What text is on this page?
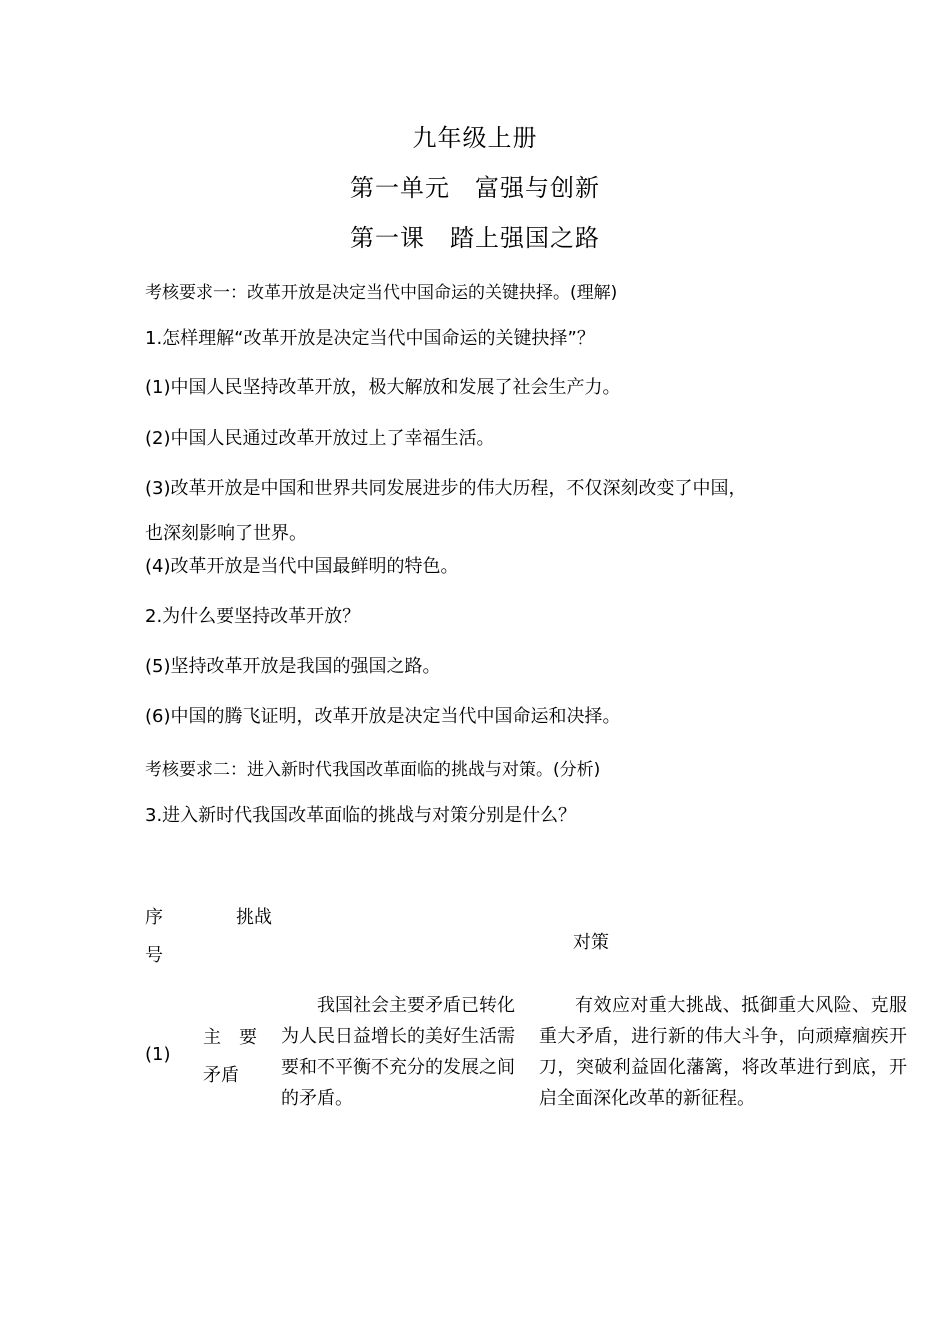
九年级上册
第一单元　富强与创新
第一课　踏上强国之路
考核要求一：改革开放是决定当代中国命运的关键抉择。(理解)
1.怎样理解“改革开放是决定当代中国命运的关键抉择”？
(1)中国人民坚持改革开放，极大解放和发展了社会生产力。
(2)中国人民通过改革开放过上了幸福生活。
(3)改革开放是中国和世界共同发展进步的伟大历程，不仅深刻改变了中国，
也深刻影响了世界。
(4)改革开放是当代中国最鲜明的特色。
2.为什么要坚持改革开放？
(5)坚持改革开放是我国的强国之路。
(6)中国的腾飞证明，改革开放是决定当代中国命运和决择。
考核要求二：进入新时代我国改革面临的挑战与对策。(分析)
3.进入新时代我国改革面临的挑战与对策分别是什么？
序
号
挑战
对策
(1)
主　要
矛盾
我国社会主要矛盾已转化为人民日益增长的美好生活需要和不平衡不充分的发展之间的矛盾。
有效应对重大挑战、抵御重大风险、克服重大矛盾，进行新的伟大斗争，向顽瘴痼疾开刀，突破利益固化藩篱，将改革进行到底，开启全面深化改革的新征程。
